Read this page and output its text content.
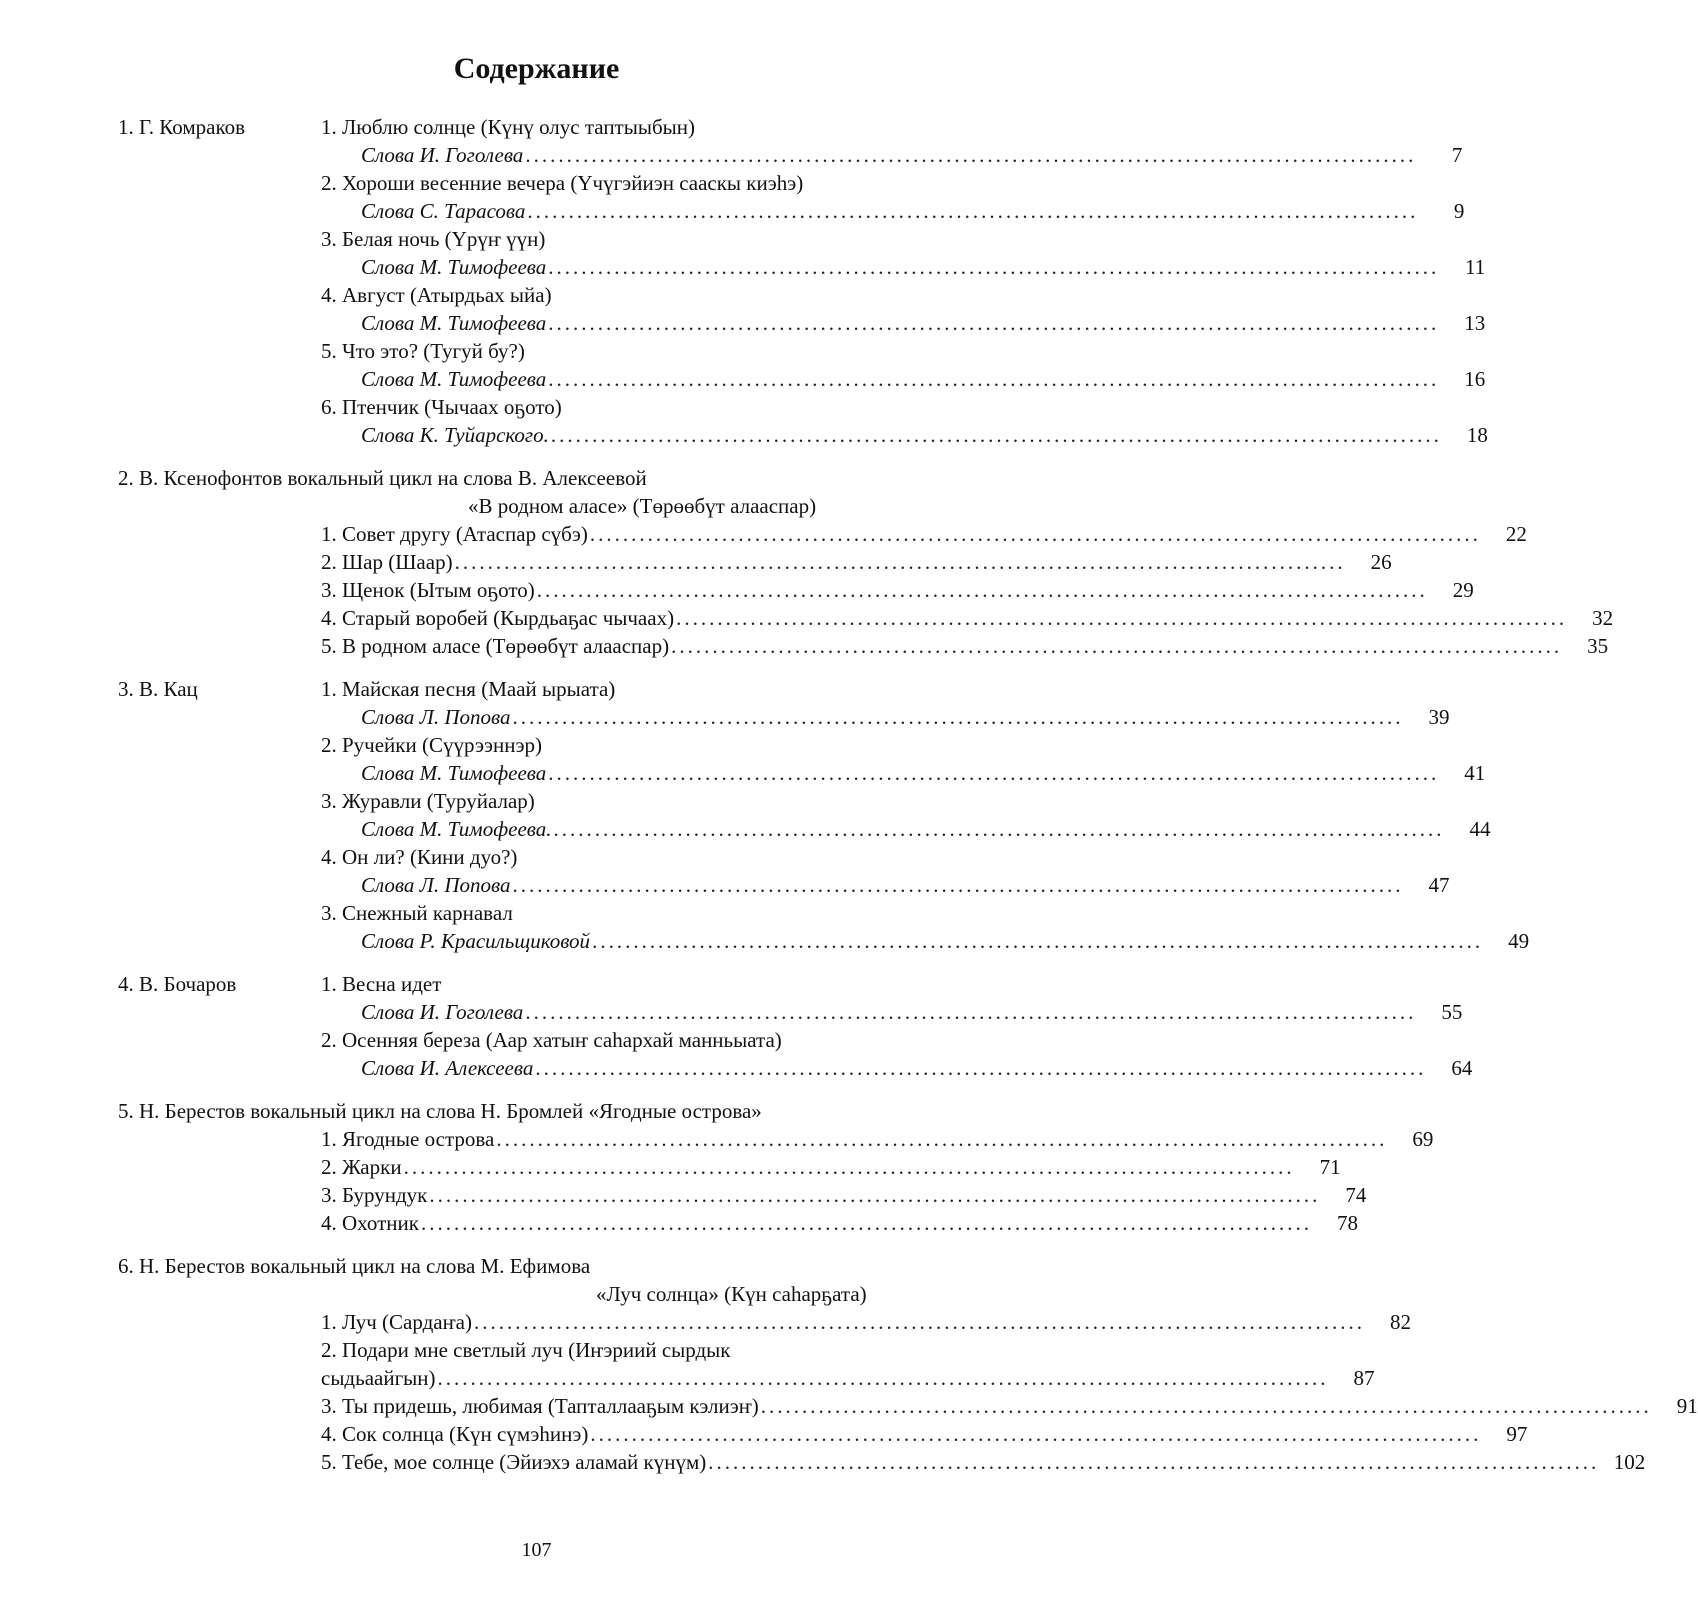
Содержание
1. Г. Комраков	1. Люблю солнце (Күнү олус таптыыбын)
Слова И. Гоголева ............................................................................................................	7
2. Хороши весенние вечера (Үчүгэйиэн сааскы киэһэ)
Слова С. Тарасова ............................................................................................................	9
3. Белая ночь (Үрүҥ үүн)
Слова М. Тимофеева ............................................................................................................	11
4. Август (Атырдьах ыйа)
Слова М. Тимофеева ............................................................................................................	13
5. Что это? (Тугуй бу?)
Слова М. Тимофеева ............................................................................................................	16
6. Птенчик (Чычаах оҕото)
Слова К. Туйарского. ............................................................................................................	18
2. В. Ксенофонтов вокальный цикл на слова В. Алексеевой
«В родном аласе» (Төрөөбүт алааспар)
1. Совет другу (Атаспар сүбэ) ............................................................................................................	22
2. Шар (Шаар) ............................................................................................................	26
3. Щенок (Ытым оҕото) ............................................................................................................	29
4. Старый воробей (Кырдьаҕас чычаах) ............................................................................................................	32
5. В родном аласе (Төрөөбүт алааспар) ............................................................................................................	35
3. В. Кац	1. Майская песня (Маай ырыата)
Слова Л. Попова ............................................................................................................	39
2. Ручейки (Сүүрээннэр)
Слова М. Тимофеева ............................................................................................................	41
3. Журавли (Туруйалар)
Слова М. Тимофеева. ............................................................................................................	44
4. Он ли? (Кини дуо?)
Слова Л. Попова ............................................................................................................	47
3. Снежный карнавал
Слова Р. Красильщиковой ............................................................................................................	49
4. В. Бочаров	1. Весна идет
Слова И. Гоголева ............................................................................................................	55
2. Осенняя береза (Аар хатыҥ саһархай манньыата)
Слова И. Алексеева ............................................................................................................	64
5. Н. Берестов вокальный цикл на слова Н. Бромлей «Ягодные острова»
1. Ягодные острова ............................................................................................................	69
2. Жарки ............................................................................................................	71
3. Бурундук ............................................................................................................	74
4. Охотник ............................................................................................................	78
6. Н. Берестов вокальный цикл на слова М. Ефимова
«Луч солнца» (Күн саһарҕата)
1. Луч (Сардаҥа) ............................................................................................................	82
2. Подари мне светлый луч (Иҥэриий сырдык
сыдьаайгын) ............................................................................................................	87
3. Ты придешь, любимая (Тапталлааҕым кэлиэҥ) ............................................................................................................	91
4. Сок солнца (Күн сүмэһинэ) ............................................................................................................	97
5. Тебе, мое солнце (Эйиэхэ аламай күнүм) ............................................................................................................ 102
107
